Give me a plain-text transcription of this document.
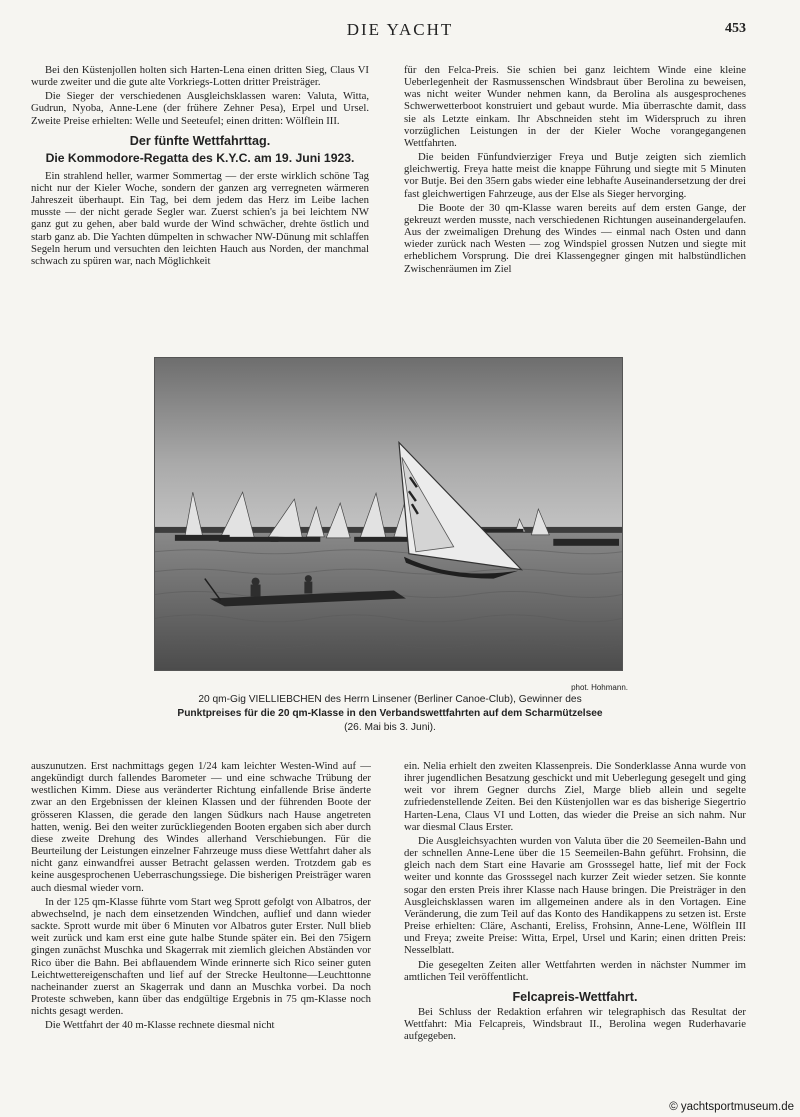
DIE YACHT	453

Bei den Küstenjollen holten sich Harten-Lena einen dritten Sieg, Claus VI wurde zweiter und die gute alte Vorkriegs-Lotten dritter Preisträger.

Die Sieger der verschiedenen Ausgleichsklassen waren: Valuta, Witta, Gudrun, Nyoba, Anne-Lene (der frühere Zehner Pesa), Erpel und Ursel. Zweite Preise erhielten: Welle und Seeteufel; einen dritten: Wölflein III.

Der fünfte Wettfahrttag.
Die Kommodore-Regatta des K.Y.C. am 19. Juni 1923.

Ein strahlend heller, warmer Sommertag — der erste wirklich schöne Tag nicht nur der Kieler Woche, sondern der ganzen arg verregneten wärmeren Jahreszeit überhaupt. Ein Tag, bei dem jedem das Herz im Leibe lachen musste — der nicht gerade Segler war. Zuerst schien's ja bei leichtem NW ganz gut zu gehen, aber bald wurde der Wind schwächer, drehte östlich und starb ganz ab. Die Yachten dümpelten in schwacher NW-Dünung mit schlaffen Segeln herum und versuchten den leichten Hauch aus Norden, der manchmal schwach zu spüren war, nach Möglichkeit

für den Felca-Preis. Sie schien bei ganz leichtem Winde eine kleine Ueberlegenheit der Rasmussenschen Windsbraut über Berolina zu beweisen, was nicht weiter Wunder nehmen kann, da Berolina als ausgesprochenes Schwerwetterboot konstruiert und gebaut wurde. Mia überraschte damit, dass sie als Letzte einkam. Ihr Abschneiden steht im Widerspruch zu ihren vorzüglichen Leistungen in der der Kieler Woche vorangegangenen Wettfahrten.

Die beiden Fünfundvierziger Freya und Butje zeigten sich ziemlich gleichwertig. Freya hatte meist die knappe Führung und siegte mit 5 Minuten vor Butje. Bei den 35ern gabs wieder eine lebhafte Auseinandersetzung der drei fast gleichwertigen Fahrzeuge, aus der Else als Sieger hervorging.

Die Boote der 30 qm-Klasse waren bereits auf dem ersten Gange, der gekreuzt werden musste, nach verschiedenen Richtungen auseinandergelaufen. Aus der zweimaligen Drehung des Windes — einmal nach Osten und dann wieder zurück nach Westen — zog Windspiel grossen Nutzen und siegte mit erheblichem Vorsprung. Die drei Klassengegner gingen mit halbstündlichen Zwischenräumen im Ziel

phot. Hohmann.
20 qm-Gig VIELLIEBCHEN des Herrn Linsener (Berliner Canoe-Club), Gewinner des
Punktpreises für die 20 qm-Klasse in den Verbandswettfahrten auf dem Scharmützelsee
(26. Mai bis 3. Juni).

auszunutzen. Erst nachmittags gegen 1/24 kam leichter Westen-Wind auf — angekündigt durch fallendes Barometer — und eine schwache Trübung der westlichen Kimm. Diese aus veränderter Richtung einfallende Brise änderte zwar an den Ergebnissen der kleinen Klassen und der führenden Boote der grösseren Klassen, die gerade den langen Südkurs nach Hause angetreten hatten, wenig. Bei den weiter zurückliegenden Booten ergaben sich aber durch diese zweite Drehung des Windes allerhand Verschiebungen. Für die Beurteilung der Leistungen einzelner Fahrzeuge muss diese Wettfahrt daher als nicht ganz einwandfrei ausser Betracht gelassen werden. Trotzdem gab es keine ausgesprochenen Ueberraschungssiege. Die bisherigen Preisträger waren auch diesmal wieder vorn.

In der 125 qm-Klasse führte vom Start weg Sprott gefolgt von Albatros, der abwechselnd, je nach dem einsetzenden Windchen, auflief und dann wieder sackte. Sprott wurde mit über 6 Minuten vor Albatros guter Erster. Null blieb weit zurück und kam erst eine gute halbe Stunde später ein. Bei den 75igern gingen zunächst Muschka und Skagerrak mit ziemlich gleichen Abständen vor Rico über die Bahn. Bei abflauendem Winde erinnerte sich Rico seiner guten Leichtwettereigenschaften und lief auf der Strecke Heultonne—Leuchttonne nacheinander zuerst an Skagerrak und dann an Muschka vorbei. Da noch Proteste schweben, kann über das endgültige Ergebnis in 75 qm-Klasse noch nichts gesagt werden.

Die Wettfahrt der 40 m-Klasse rechnete diesmal nicht

ein. Nelia erhielt den zweiten Klassenpreis. Die Sonderklasse Anna wurde von ihrer jugendlichen Besatzung geschickt und mit Ueberlegung gesegelt und ging weit vor ihrem Gegner durchs Ziel, Marge blieb allein und segelte zufriedenstellende Zeiten. Bei den Küstenjollen war es das bisherige Siegertrio Harten-Lena, Claus VI und Lotten, das wieder die Preise an sich nahm. Nur war diesmal Claus Erster.

Die Ausgleichsyachten wurden von Valuta über die 20 Seemeilen-Bahn und der schnellen Anne-Lene über die 15 Seemeilen-Bahn geführt. Frohsinn, die gleich nach dem Start eine Havarie am Grosssegel hatte, lief mit der Fock weiter und konnte das Grosssegel nach kurzer Zeit wieder setzen. Sie konnte sogar den ersten Preis ihrer Klasse nach Hause bringen. Die Preisträger in den Ausgleichsklassen waren im allgemeinen andere als in den Vortagen. Eine Veränderung, die zum Teil auf das Konto des Handikappens zu setzen ist. Erste Preise erhielten: Cläre, Aschanti, Ereliss, Frohsinn, Anne-Lene, Wölflein III und Freya; zweite Preise: Witta, Erpel, Ursel und Karin; einen dritten Preis: Nesselblatt.

Die gesegelten Zeiten aller Wettfahrten werden in nächster Nummer im amtlichen Teil veröffentlicht.

Felcapreis-Wettfahrt.

Bei Schluss der Redaktion erfahren wir telegraphisch das Resultat der Wettfahrt: Mia Felcapreis, Windsbraut II., Berolina wegen Ruderhavarie aufgegeben.

© yachtsportmuseum.de
